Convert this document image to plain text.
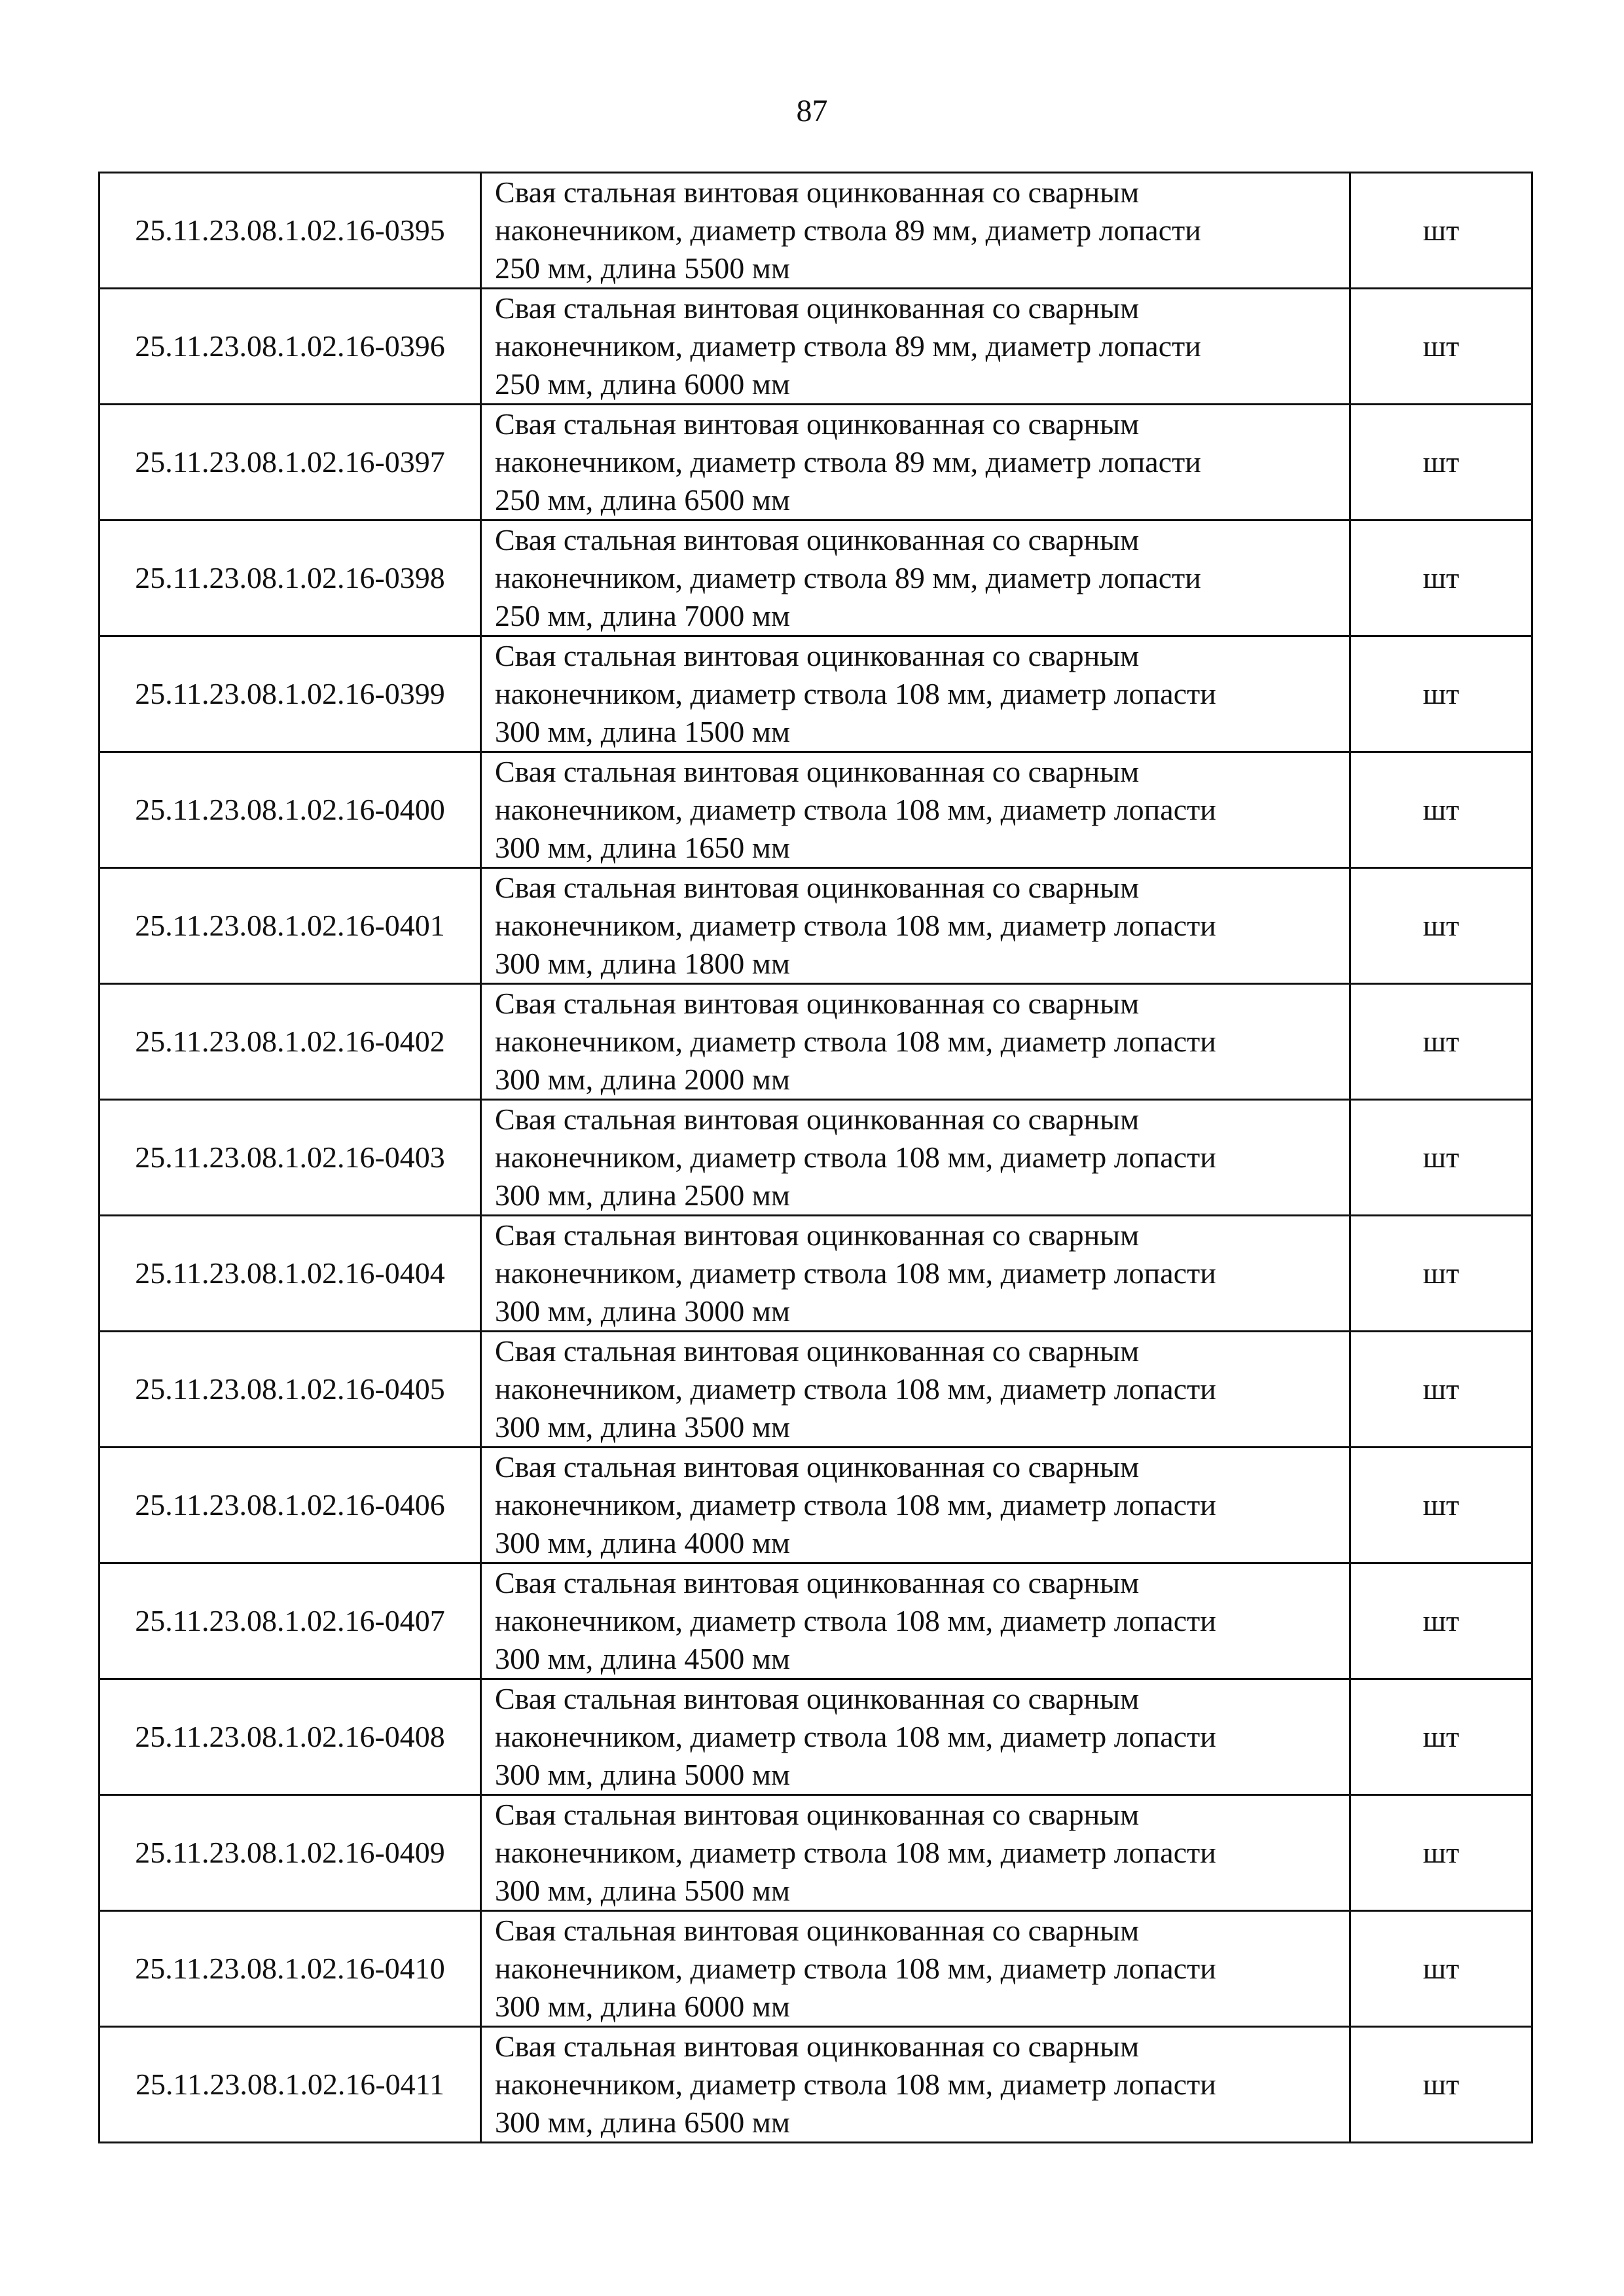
87
25.11.23.08.1.02.16-0395	Свая стальная винтовая оцинкованная со сварным
наконечником, диаметр ствола 89 мм, диаметр лопасти
250 мм, длина 5500 мм	шт
25.11.23.08.1.02.16-0396	Свая стальная винтовая оцинкованная со сварным
наконечником, диаметр ствола 89 мм, диаметр лопасти
250 мм, длина 6000 мм	шт
25.11.23.08.1.02.16-0397	Свая стальная винтовая оцинкованная со сварным
наконечником, диаметр ствола 89 мм, диаметр лопасти
250 мм, длина 6500 мм	шт
25.11.23.08.1.02.16-0398	Свая стальная винтовая оцинкованная со сварным
наконечником, диаметр ствола 89 мм, диаметр лопасти
250 мм, длина 7000 мм	шт
25.11.23.08.1.02.16-0399	Свая стальная винтовая оцинкованная со сварным
наконечником, диаметр ствола 108 мм, диаметр лопасти
300 мм, длина 1500 мм	шт
25.11.23.08.1.02.16-0400	Свая стальная винтовая оцинкованная со сварным
наконечником, диаметр ствола 108 мм, диаметр лопасти
300 мм, длина 1650 мм	шт
25.11.23.08.1.02.16-0401	Свая стальная винтовая оцинкованная со сварным
наконечником, диаметр ствола 108 мм, диаметр лопасти
300 мм, длина 1800 мм	шт
25.11.23.08.1.02.16-0402	Свая стальная винтовая оцинкованная со сварным
наконечником, диаметр ствола 108 мм, диаметр лопасти
300 мм, длина 2000 мм	шт
25.11.23.08.1.02.16-0403	Свая стальная винтовая оцинкованная со сварным
наконечником, диаметр ствола 108 мм, диаметр лопасти
300 мм, длина 2500 мм	шт
25.11.23.08.1.02.16-0404	Свая стальная винтовая оцинкованная со сварным
наконечником, диаметр ствола 108 мм, диаметр лопасти
300 мм, длина 3000 мм	шт
25.11.23.08.1.02.16-0405	Свая стальная винтовая оцинкованная со сварным
наконечником, диаметр ствола 108 мм, диаметр лопасти
300 мм, длина 3500 мм	шт
25.11.23.08.1.02.16-0406	Свая стальная винтовая оцинкованная со сварным
наконечником, диаметр ствола 108 мм, диаметр лопасти
300 мм, длина 4000 мм	шт
25.11.23.08.1.02.16-0407	Свая стальная винтовая оцинкованная со сварным
наконечником, диаметр ствола 108 мм, диаметр лопасти
300 мм, длина 4500 мм	шт
25.11.23.08.1.02.16-0408	Свая стальная винтовая оцинкованная со сварным
наконечником, диаметр ствола 108 мм, диаметр лопасти
300 мм, длина 5000 мм	шт
25.11.23.08.1.02.16-0409	Свая стальная винтовая оцинкованная со сварным
наконечником, диаметр ствола 108 мм, диаметр лопасти
300 мм, длина 5500 мм	шт
25.11.23.08.1.02.16-0410	Свая стальная винтовая оцинкованная со сварным
наконечником, диаметр ствола 108 мм, диаметр лопасти
300 мм, длина 6000 мм	шт
25.11.23.08.1.02.16-0411	Свая стальная винтовая оцинкованная со сварным
наконечником, диаметр ствола 108 мм, диаметр лопасти
300 мм, длина 6500 мм	шт
